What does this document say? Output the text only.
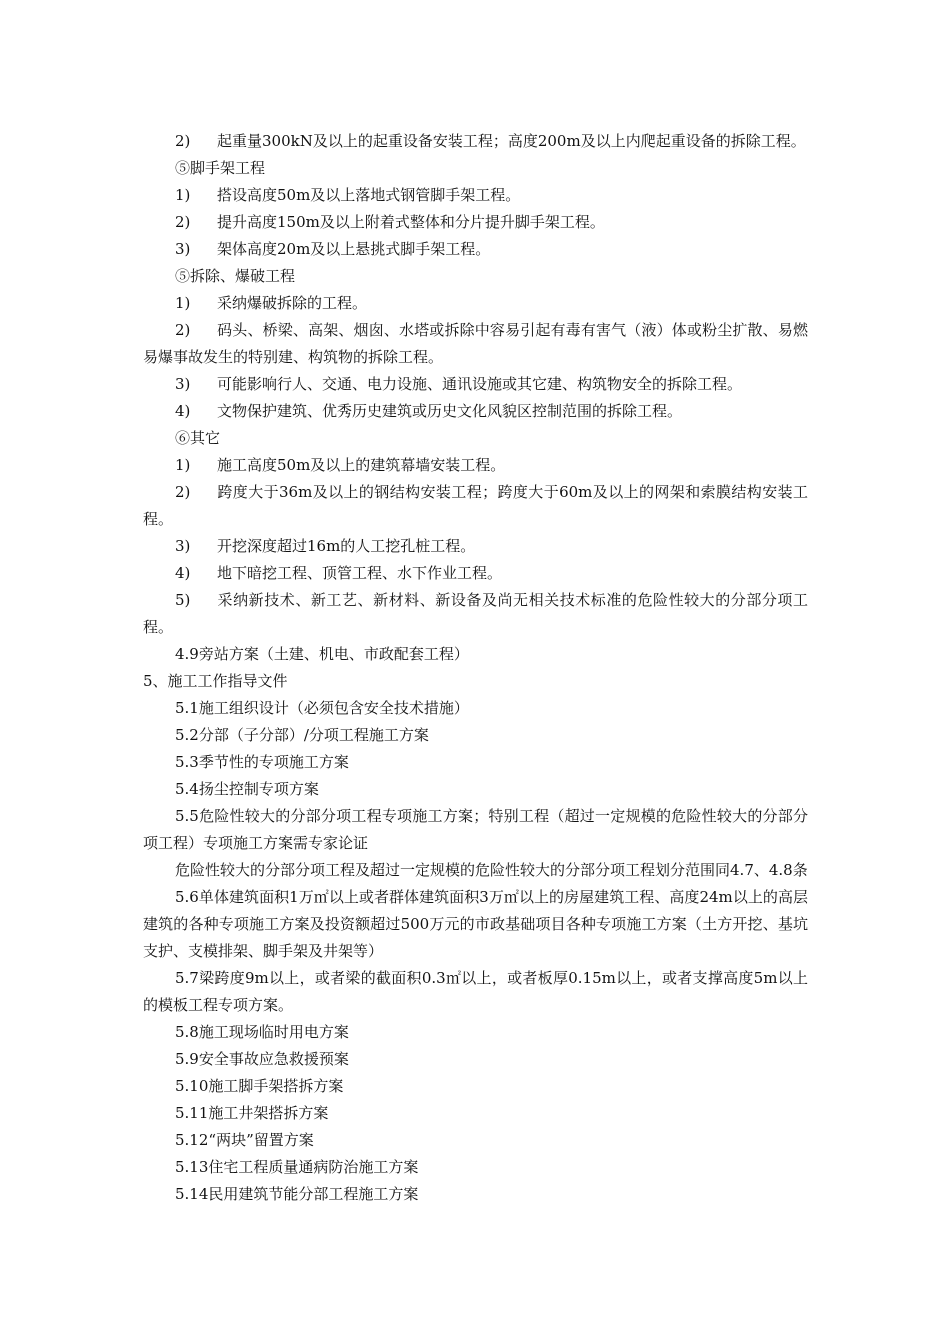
2) 起重量300kN及以上的起重设备安装工程；高度200m及以上内爬起重设备的拆除工程。
⑤脚手架工程
1) 搭设高度50m及以上落地式钢管脚手架工程。
2) 提升高度150m及以上附着式整体和分片提升脚手架工程。
3) 架体高度20m及以上悬挑式脚手架工程。
⑤拆除、爆破工程
1) 采纳爆破拆除的工程。
2) 码头、桥梁、高架、烟囱、水塔或拆除中容易引起有毒有害气（液）体或粉尘扩散、易燃易爆事故发生的特别建、构筑物的拆除工程。
3) 可能影响行人、交通、电力设施、通讯设施或其它建、构筑物安全的拆除工程。
4) 文物保护建筑、优秀历史建筑或历史文化风貌区控制范围的拆除工程。
⑥其它
1) 施工高度50m及以上的建筑幕墙安装工程。
2) 跨度大于36m及以上的钢结构安装工程；跨度大于60m及以上的网架和索膜结构安装工程。
3) 开挖深度超过16m的人工挖孔桩工程。
4) 地下暗挖工程、顶管工程、水下作业工程。
5) 采纳新技术、新工艺、新材料、新设备及尚无相关技术标准的危险性较大的分部分项工程。
4.9旁站方案（土建、机电、市政配套工程）
5、施工工作指导文件
5.1施工组织设计（必须包含安全技术措施）
5.2分部（子分部）/分项工程施工方案
5.3季节性的专项施工方案
5.4扬尘控制专项方案
5.5危险性较大的分部分项工程专项施工方案；特别工程（超过一定规模的危险性较大的分部分项工程）专项施工方案需专家论证
危险性较大的分部分项工程及超过一定规模的危险性较大的分部分项工程划分范围同4.7、4.8条
5.6单体建筑面积1万㎡以上或者群体建筑面积3万㎡以上的房屋建筑工程、高度24m以上的高层建筑的各种专项施工方案及投资额超过500万元的市政基础项目各种专项施工方案（土方开挖、基坑支护、支模排架、脚手架及井架等）
5.7梁跨度9m以上，或者梁的截面积0.3㎡以上，或者板厚0.15m以上，或者支撑高度5m以上的模板工程专项方案。
5.8施工现场临时用电方案
5.9安全事故应急救援预案
5.10施工脚手架搭拆方案
5.11施工井架搭拆方案
5.12“两块”留置方案
5.13住宅工程质量通病防治施工方案
5.14民用建筑节能分部工程施工方案
